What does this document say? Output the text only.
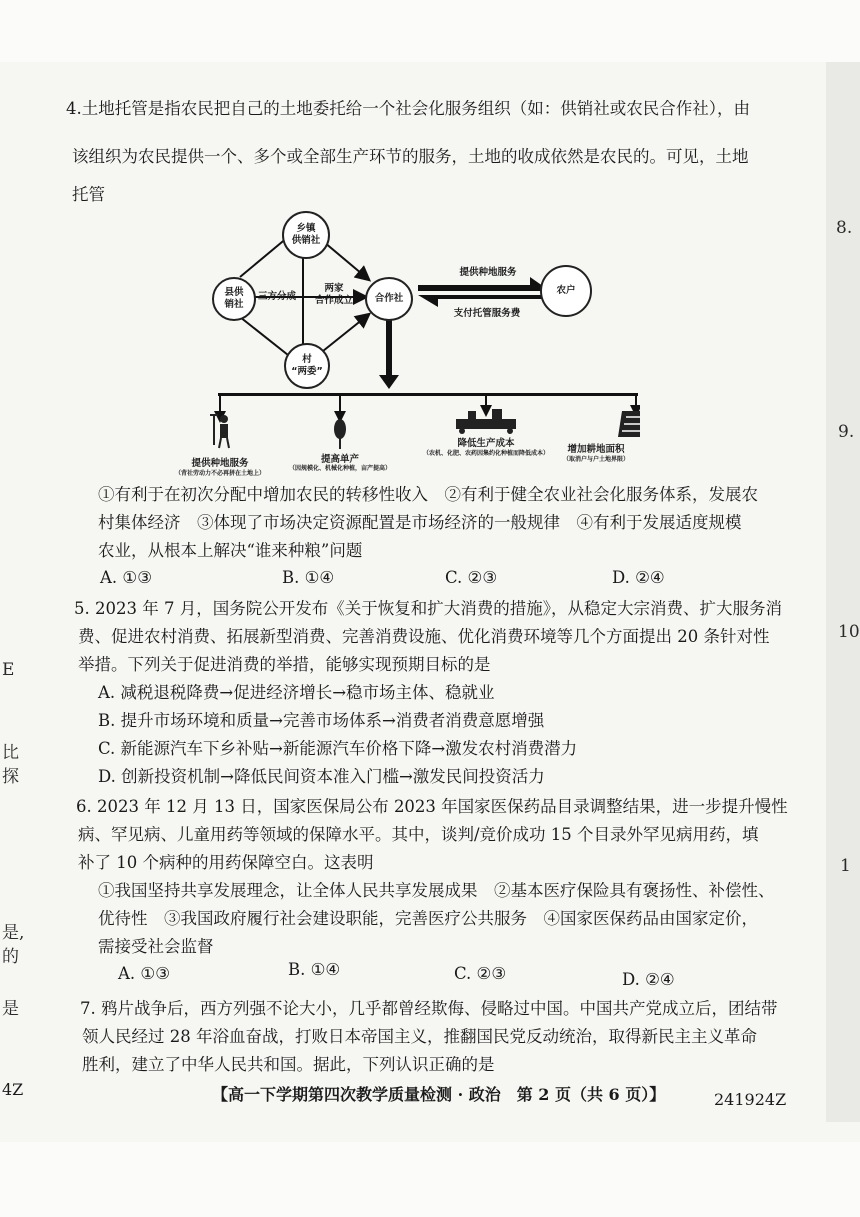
E
比
探
是,
的
是
8.
9.
10
1
4.土地托管是指农民把自己的土地委托给一个社会化服务组织（如：供销社或农民合作社），由
该组织为农民提供一个、多个或全部生产环节的服务，土地的收成依然是农民的。可见，土地
托管
乡镇
供销社
县供
销社
合作社
村
“两委”
农户
三方分成
两家
合作成立
提供种地服务
支付托管服务费
提供种地服务
（背社劳动力不必再拼在土地上）
提高单产
（因规模化、机械化种植，亩产提高）
降低生产成本
（农机、化肥、农药因集约化种植而降低成本）	增加耕地面积
（取消户与户土地界限）
①有利于在初次分配中增加农民的转移性收入　②有利于健全农业社会化服务体系，发展农
村集体经济　③体现了市场决定资源配置是市场经济的一般规律　④有利于发展适度规模
农业，从根本上解决“谁来种粮”问题
A. ①③	B. ①④	C. ②③	D. ②④
5. 2023 年 7 月，国务院公开发布《关于恢复和扩大消费的措施》，从稳定大宗消费、扩大服务消
费、促进农村消费、拓展新型消费、完善消费设施、优化消费环境等几个方面提出 20 条针对性
举措。下列关于促进消费的举措，能够实现预期目标的是
A. 减税退税降费→促进经济增长→稳市场主体、稳就业
B. 提升市场环境和质量→完善市场体系→消费者消费意愿增强
C. 新能源汽车下乡补贴→新能源汽车价格下降→激发农村消费潜力
D. 创新投资机制→降低民间资本准入门槛→激发民间投资活力
6. 2023 年 12 月 13 日，国家医保局公布 2023 年国家医保药品目录调整结果，进一步提升慢性
病、罕见病、儿童用药等领域的保障水平。其中，谈判/竞价成功 15 个目录外罕见病用药，填
补了 10 个病种的用药保障空白。这表明
①我国坚持共享发展理念，让全体人民共享发展成果　②基本医疗保险具有褒扬性、补偿性、
优待性　③我国政府履行社会建设职能，完善医疗公共服务　④国家医保药品由国家定价，
需接受社会监督
A. ①③	B. ①④	C. ②③	D. ②④
7. 鸦片战争后，西方列强不论大小，几乎都曾经欺侮、侵略过中国。中国共产党成立后，团结带
领人民经过 28 年浴血奋战，打败日本帝国主义，推翻国民党反动统治，取得新民主主义革命
胜利，建立了中华人民共和国。据此，下列认识正确的是
4Z	【高一下学期第四次教学质量检测 · 政治　第 2 页（共 6 页）】	241924Z
